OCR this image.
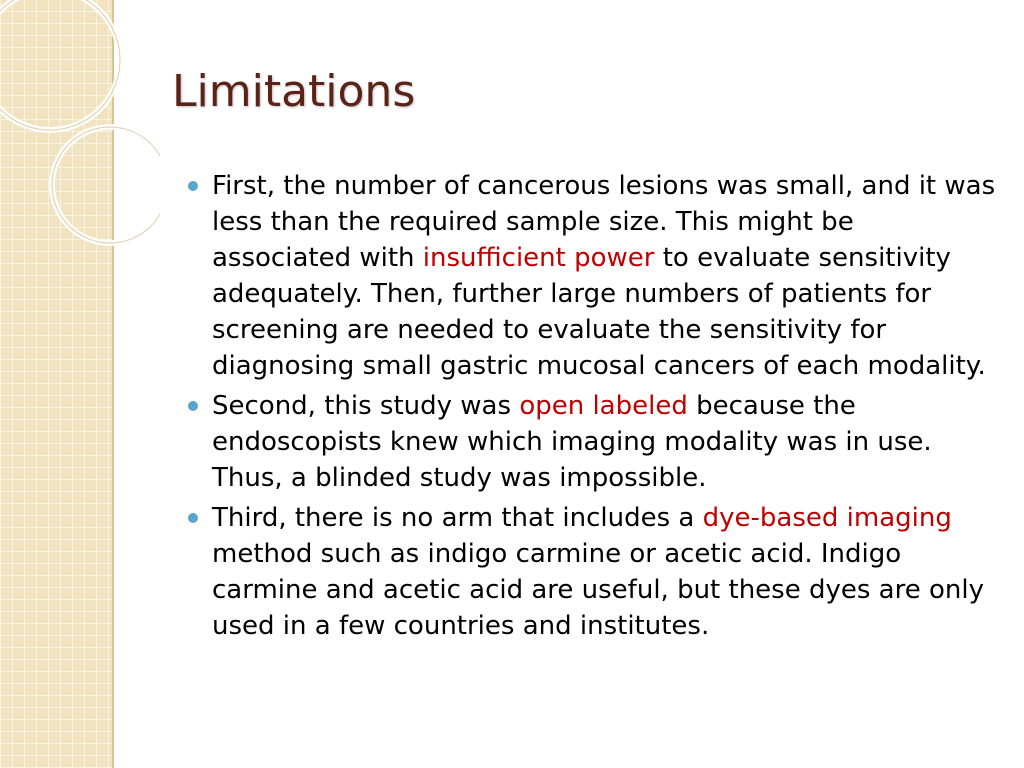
Limitations
First, the number of cancerous lesions was small, and it was less than the required sample size. This might be associated with insufficient power to evaluate sensitivity adequately. Then, further large numbers of patients for screening are needed to evaluate the sensitivity for diagnosing small gastric mucosal cancers of each modality.
Second, this study was open labeled because the endoscopists knew which imaging modality was in use. Thus, a blinded study was impossible.
Third, there is no arm that includes a dye-based imaging method such as indigo carmine or acetic acid. Indigo carmine and acetic acid are useful, but these dyes are only used in a few countries and institutes.
